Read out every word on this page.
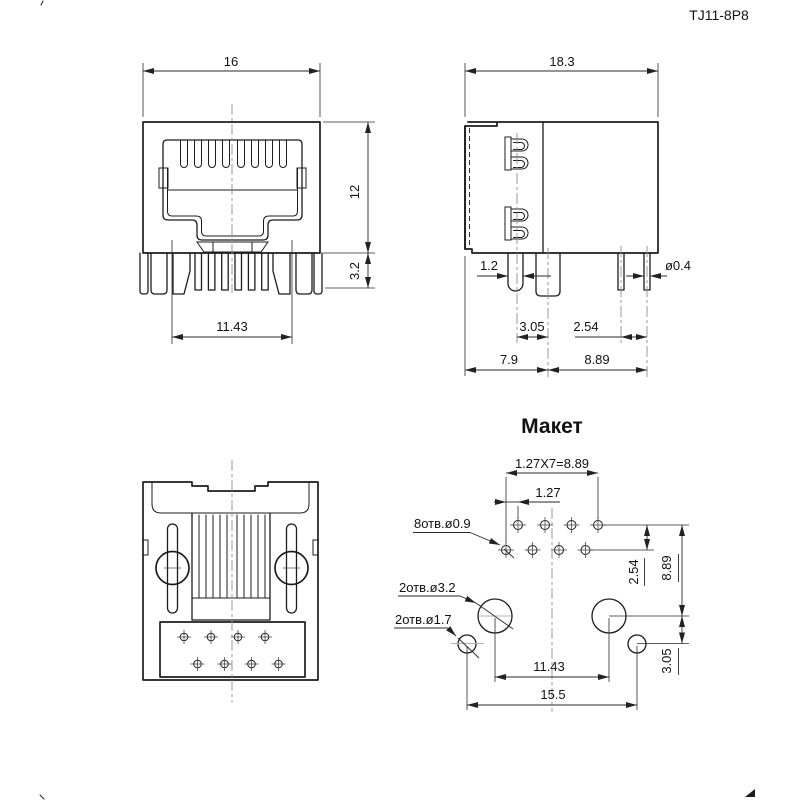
TJ11-8P8
16
12
3.2
11.43
18.3
1.2	ø0.4
3.05 2.54
7.9	8.89
Макет
1.27X7=8.89
1.27
8отв.ø0.9
2.54 8.89
3.05
2отв.ø3.2
2отв.ø1.7
11.43
15.5
